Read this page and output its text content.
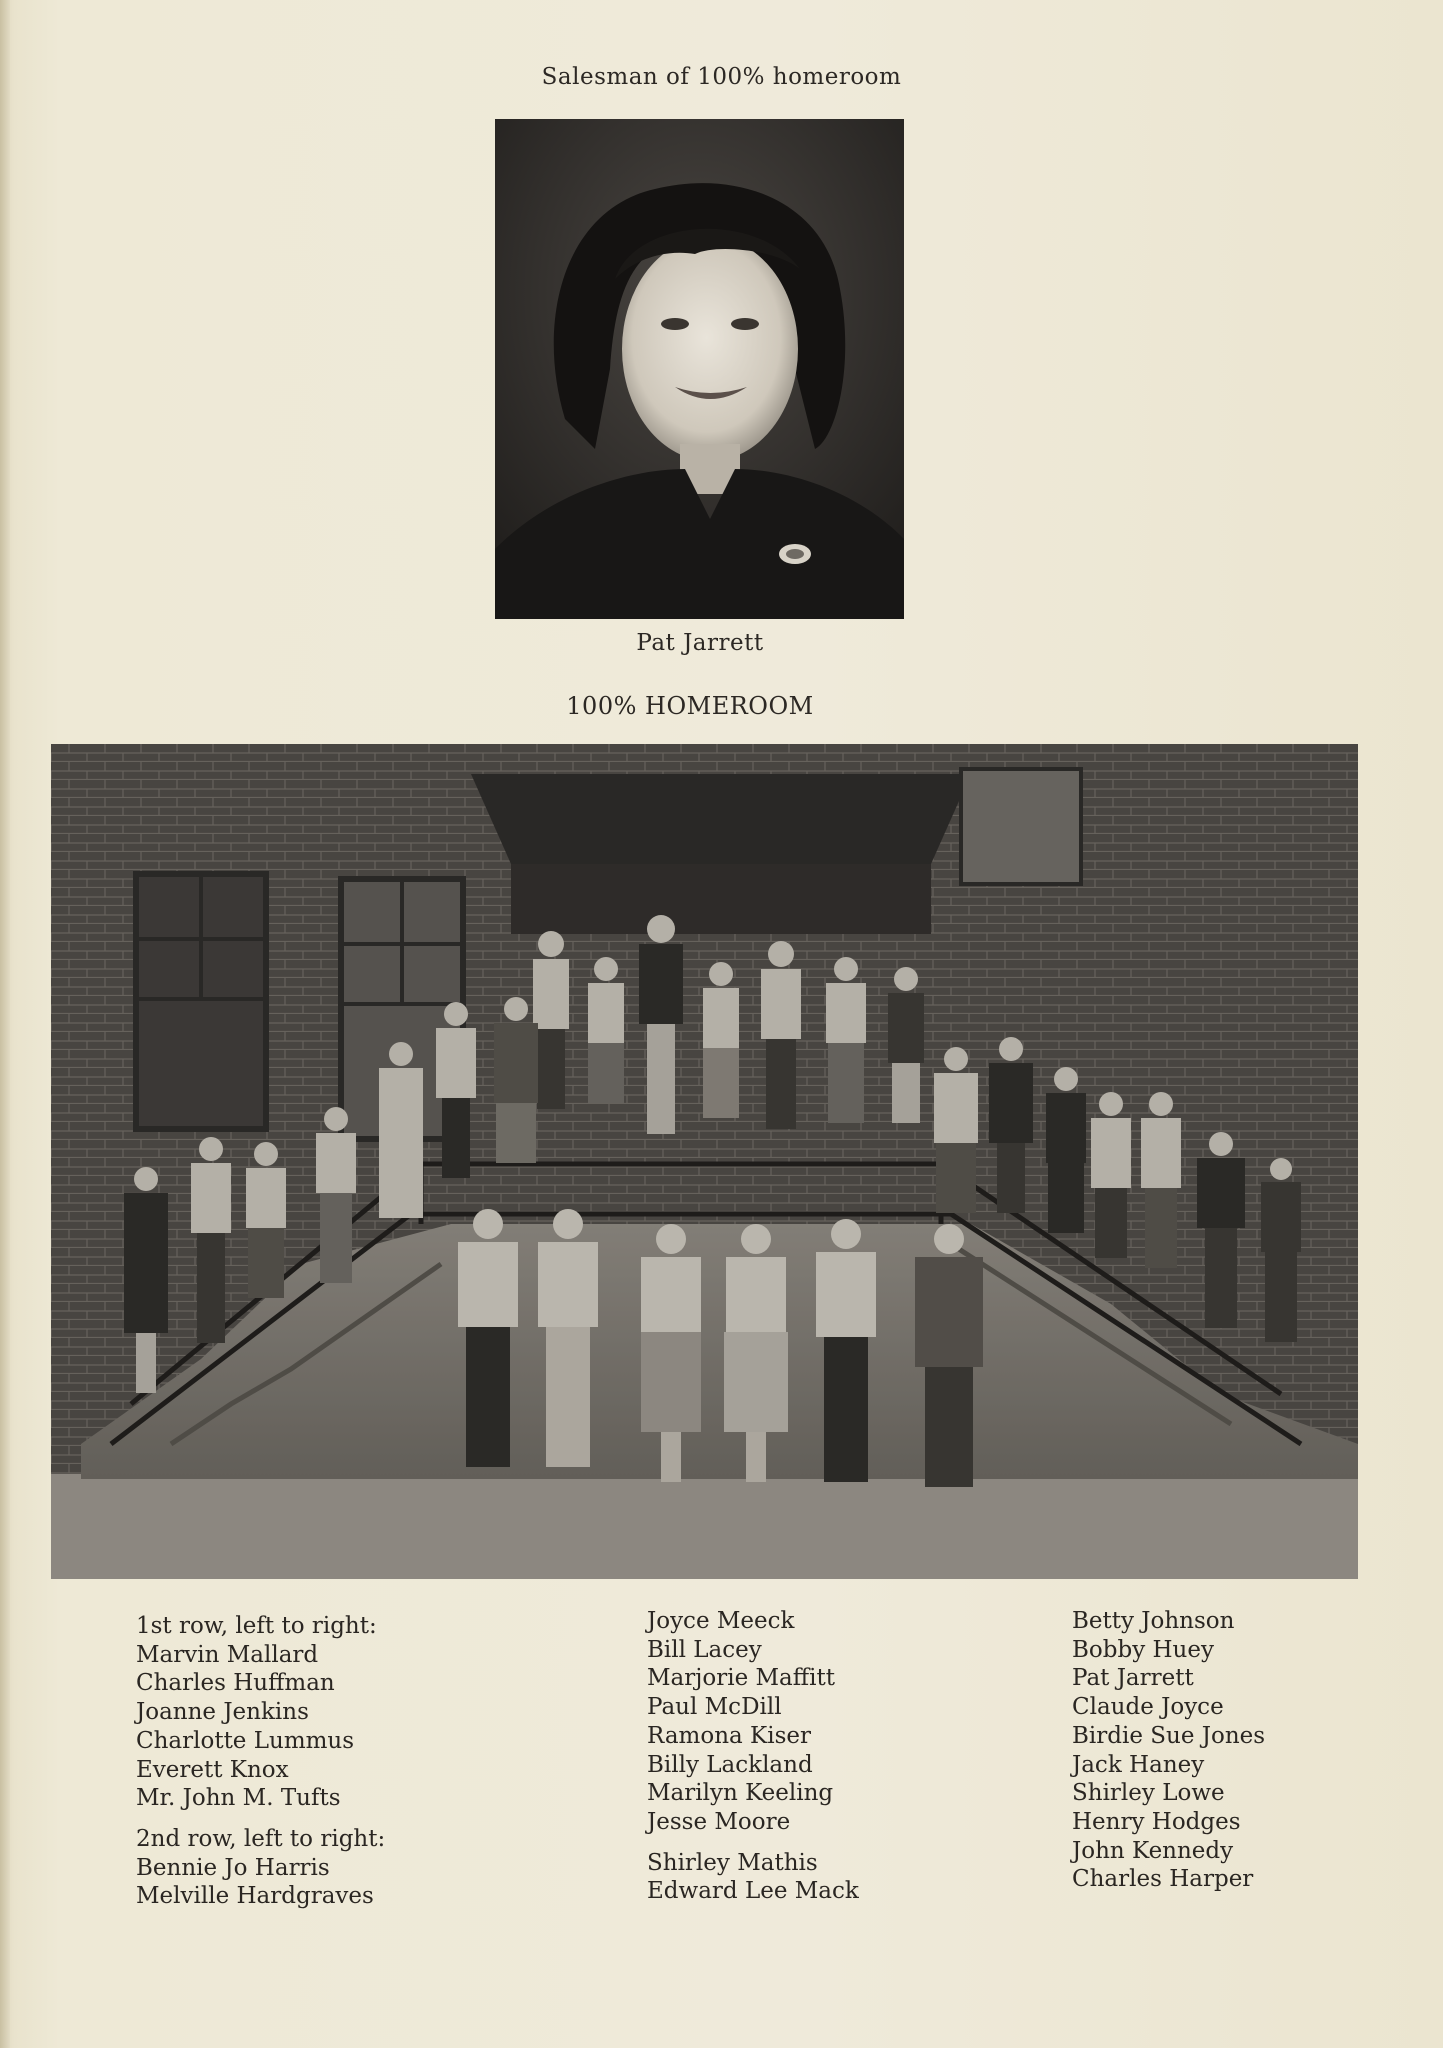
Salesman of 100% homeroom
Pat Jarrett
100% HOMEROOM
1st row, left to right:
Marvin Mallard
Charles Huffman
Joanne Jenkins
Charlotte Lummus
Everett Knox
Mr. John M. Tufts
2nd row, left to right:
Bennie Jo Harris
Melville Hardgraves
Joyce Meeck
Bill Lacey
Marjorie Maffitt
Paul McDill
Ramona Kiser
Billy Lackland
Marilyn Keeling
Jesse Moore
Shirley Mathis
Edward Lee Mack
Betty Johnson
Bobby Huey
Pat Jarrett
Claude Joyce
Birdie Sue Jones
Jack Haney
Shirley Lowe
Henry Hodges
John Kennedy
Charles Harper
